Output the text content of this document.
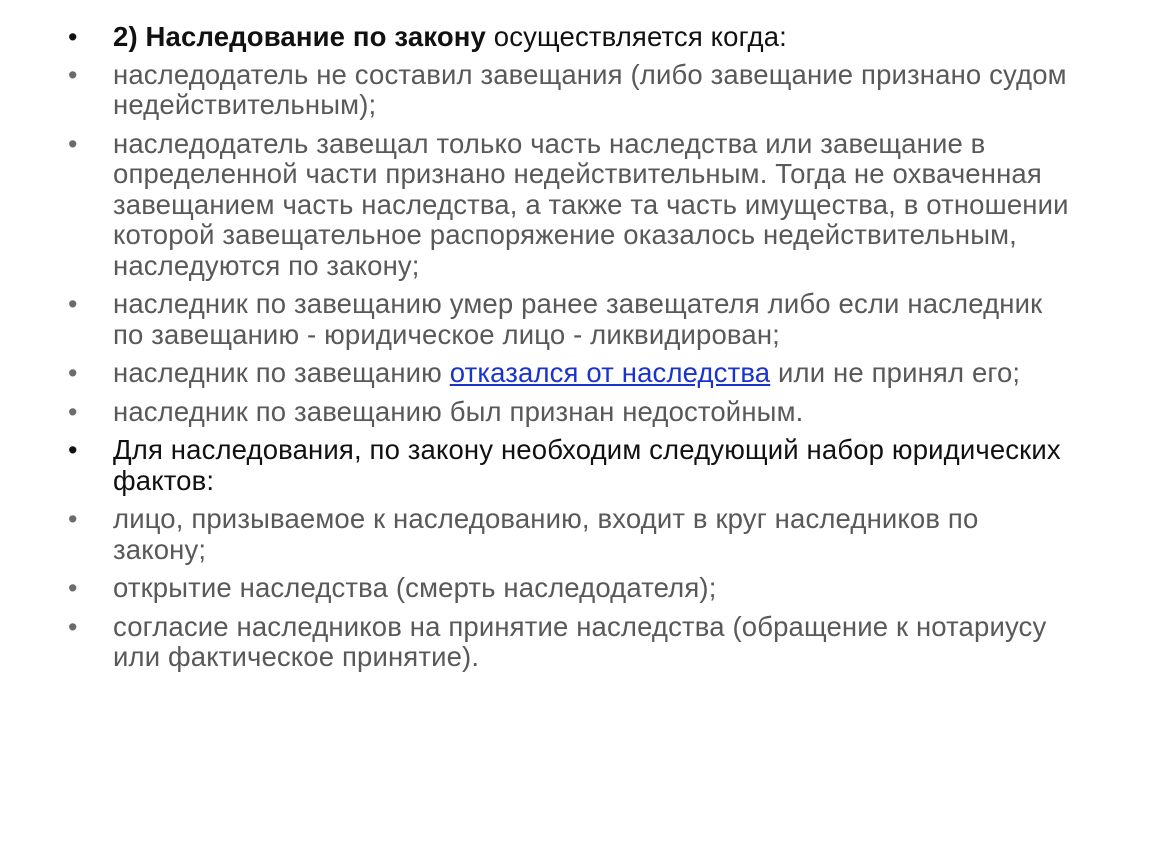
•	2) Наследование по закону осуществляется когда:
•	наследодатель не составил завещания (либо завещание признано судом недействительным);
•	наследодатель завещал только часть наследства или завещание в определенной части признано недействительным. Тогда не охваченная завещанием часть наследства, а также та часть имущества, в отношении которой завещательное распоряжение оказалось недействительным, наследуются по закону;
•	наследник по завещанию умер ранее завещателя либо если наследник по завещанию - юридическое лицо - ликвидирован;
•	наследник по завещанию отказался от наследства или не принял его;
•	наследник по завещанию был признан недостойным.
•	Для наследования, по закону необходим следующий набор юридических фактов:
•	лицо, призываемое к наследованию, входит в круг наследников по закону;
•	открытие наследства (смерть наследодателя);
•	согласие наследников на принятие наследства (обращение к нотариусу или фактическое принятие).
